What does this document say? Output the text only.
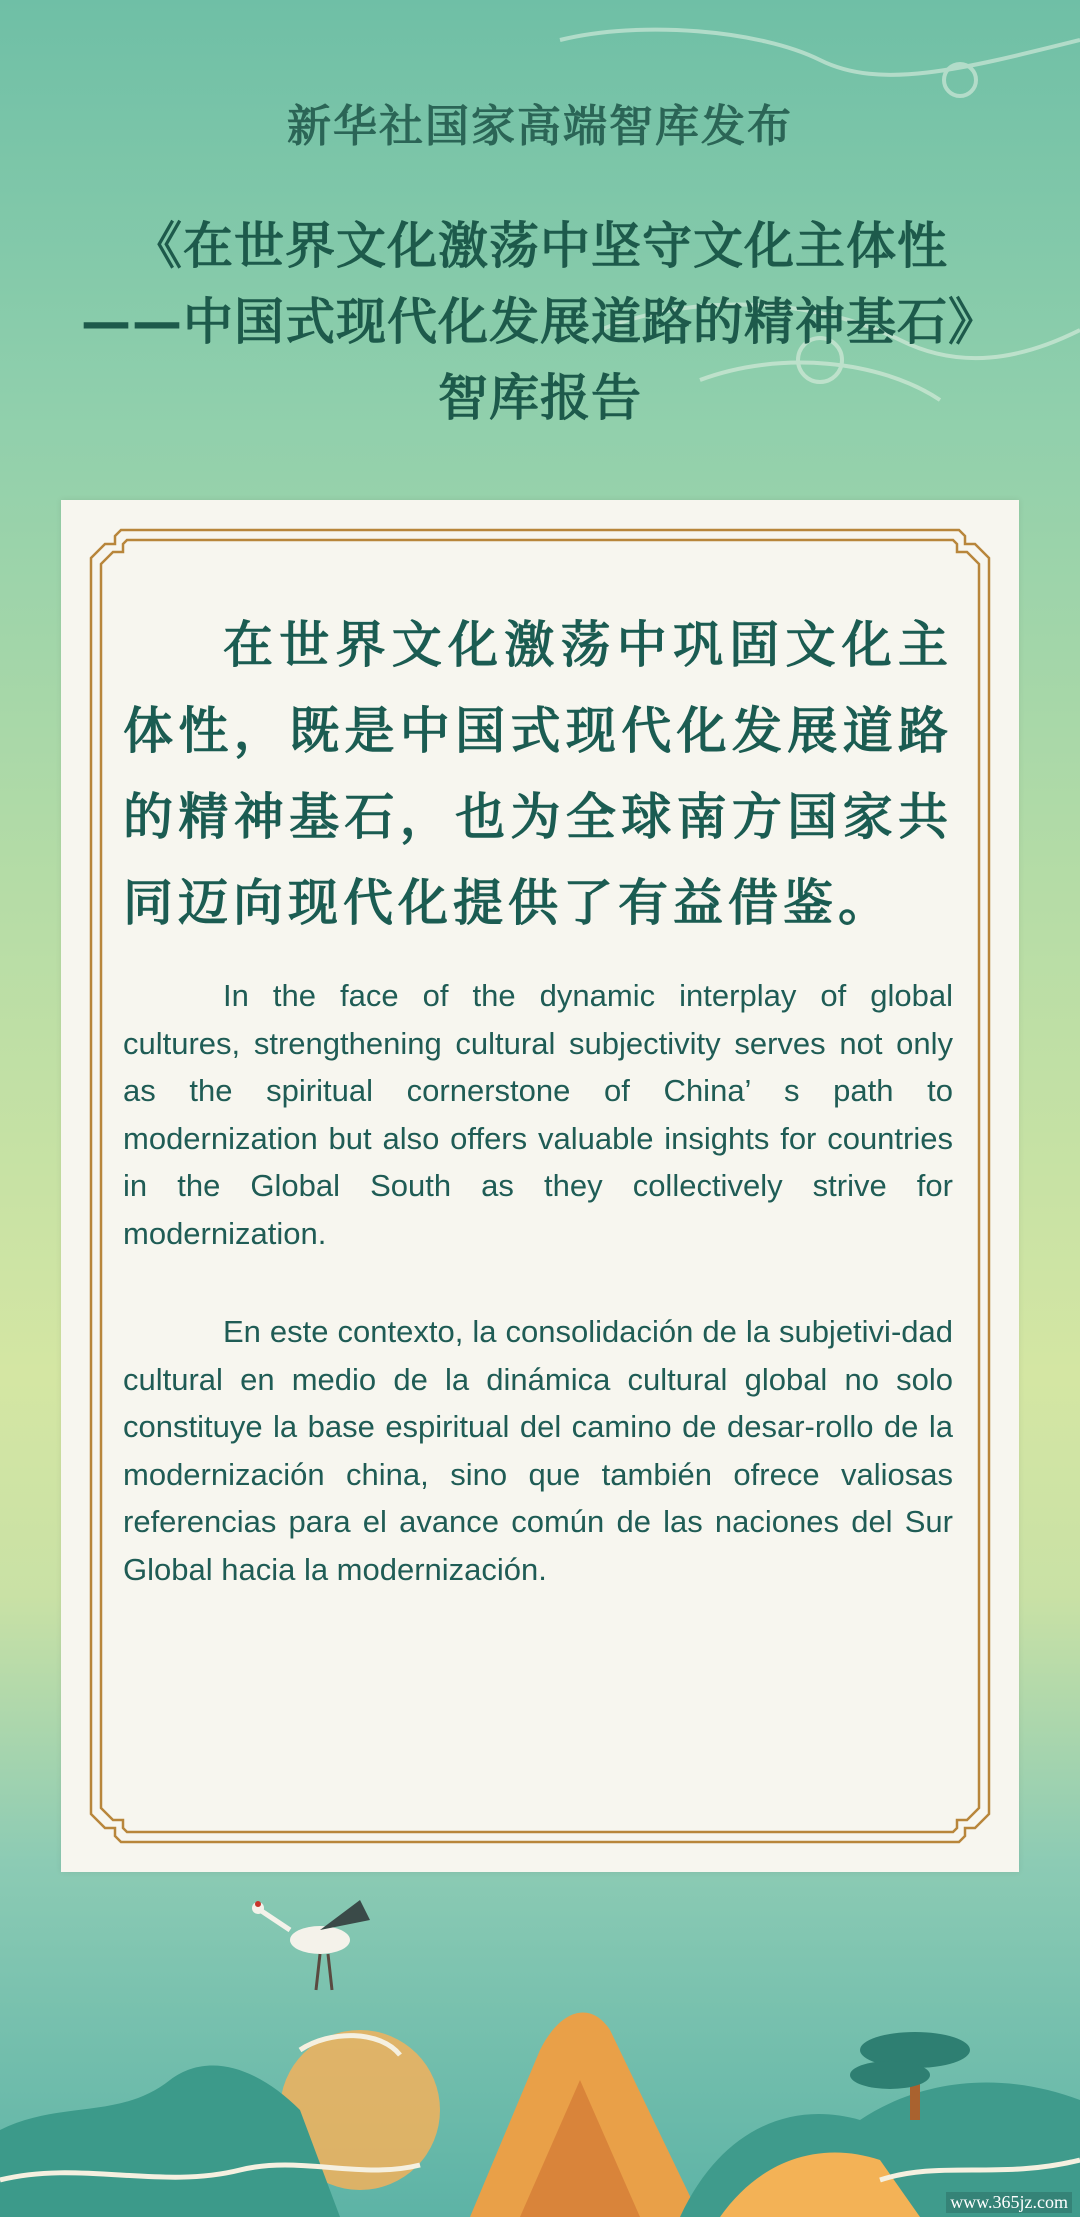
新华社国家高端智库发布
《在世界文化激荡中坚守文化主体性
——中国式现代化发展道路的精神基石》
智库报告
在世界文化激荡中巩固文化主体性，既是中国式现代化发展道路的精神基石，也为全球南方国家共同迈向现代化提供了有益借鉴。
In the face of the dynamic interplay of global cultures, strengthening cultural subjectivity serves not only as the spiritual cornerstone of China’ s path to modernization but also offers valuable insights for countries in the Global South as they collectively strive for modernization.
En este contexto, la consolidación de la subjetivi-dad cultural en medio de la dinámica cultural global no solo constituye la base espiritual del camino de desar-rollo de la modernización china, sino que también ofrece valiosas referencias para el avance común de las naciones del Sur Global hacia la modernización.
www.365jz.com
